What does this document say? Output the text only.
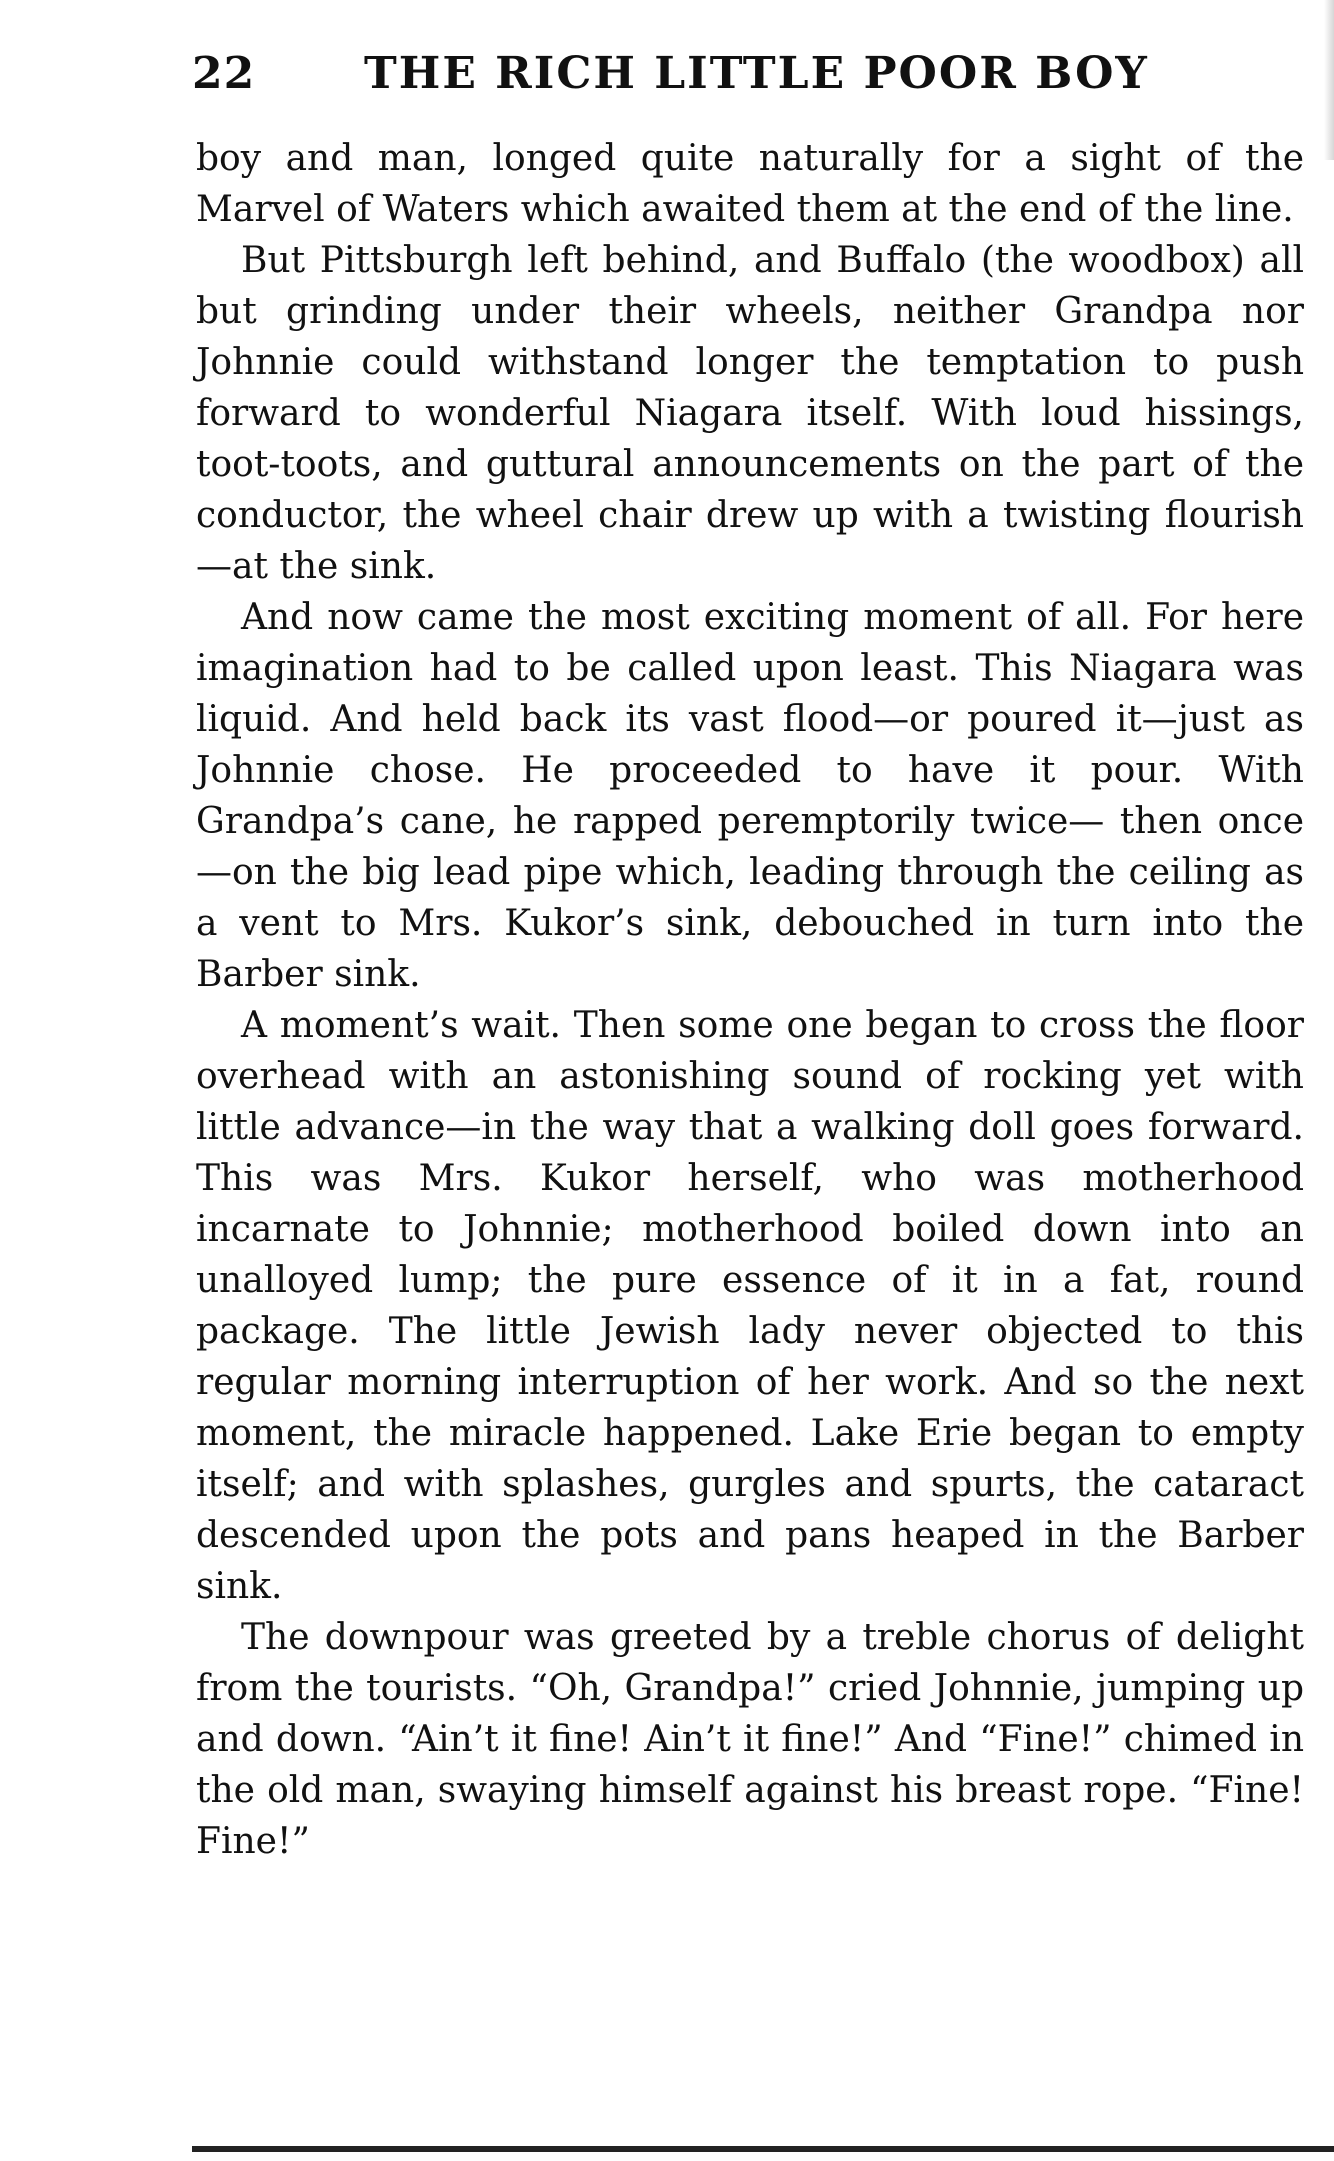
22 THE RICH LITTLE POOR BOY

boy and man, longed quite naturally for a sight of the Marvel of Waters which awaited them at the end of the line.

But Pittsburgh left behind, and Buffalo (the woodbox) all but grinding under their wheels, neither Grandpa nor Johnnie could withstand longer the temptation to push forward to wonderful Niagara itself. With loud hissings, toot-toots, and guttural announcements on the part of the conductor, the wheel chair drew up with a twisting flourish —at the sink.

And now came the most exciting moment of all. For here imagination had to be called upon least. This Niagara was liquid. And held back its vast flood—or poured it—just as Johnnie chose. He proceeded to have it pour. With Grandpa’s cane, he rapped peremptorily twice— then once—on the big lead pipe which, leading through the ceiling as a vent to Mrs. Kukor’s sink, debouched in turn into the Barber sink.

A moment’s wait. Then some one began to cross the floor overhead with an astonishing sound of rocking yet with little advance—in the way that a walking doll goes forward. This was Mrs. Kukor herself, who was motherhood incarnate to Johnnie; motherhood boiled down into an unalloyed lump; the pure essence of it in a fat, round package. The little Jewish lady never objected to this regular morning interruption of her work. And so the next moment, the miracle happened. Lake Erie began to empty itself; and with splashes, gurgles and spurts, the cataract descended upon the pots and pans heaped in the Barber sink.

The downpour was greeted by a treble chorus of delight from the tourists. “Oh, Grandpa!” cried Johnnie, jumping up and down. “Ain’t it fine! Ain’t it fine!” And “Fine!” chimed in the old man, swaying himself against his breast rope. “Fine! Fine!”
